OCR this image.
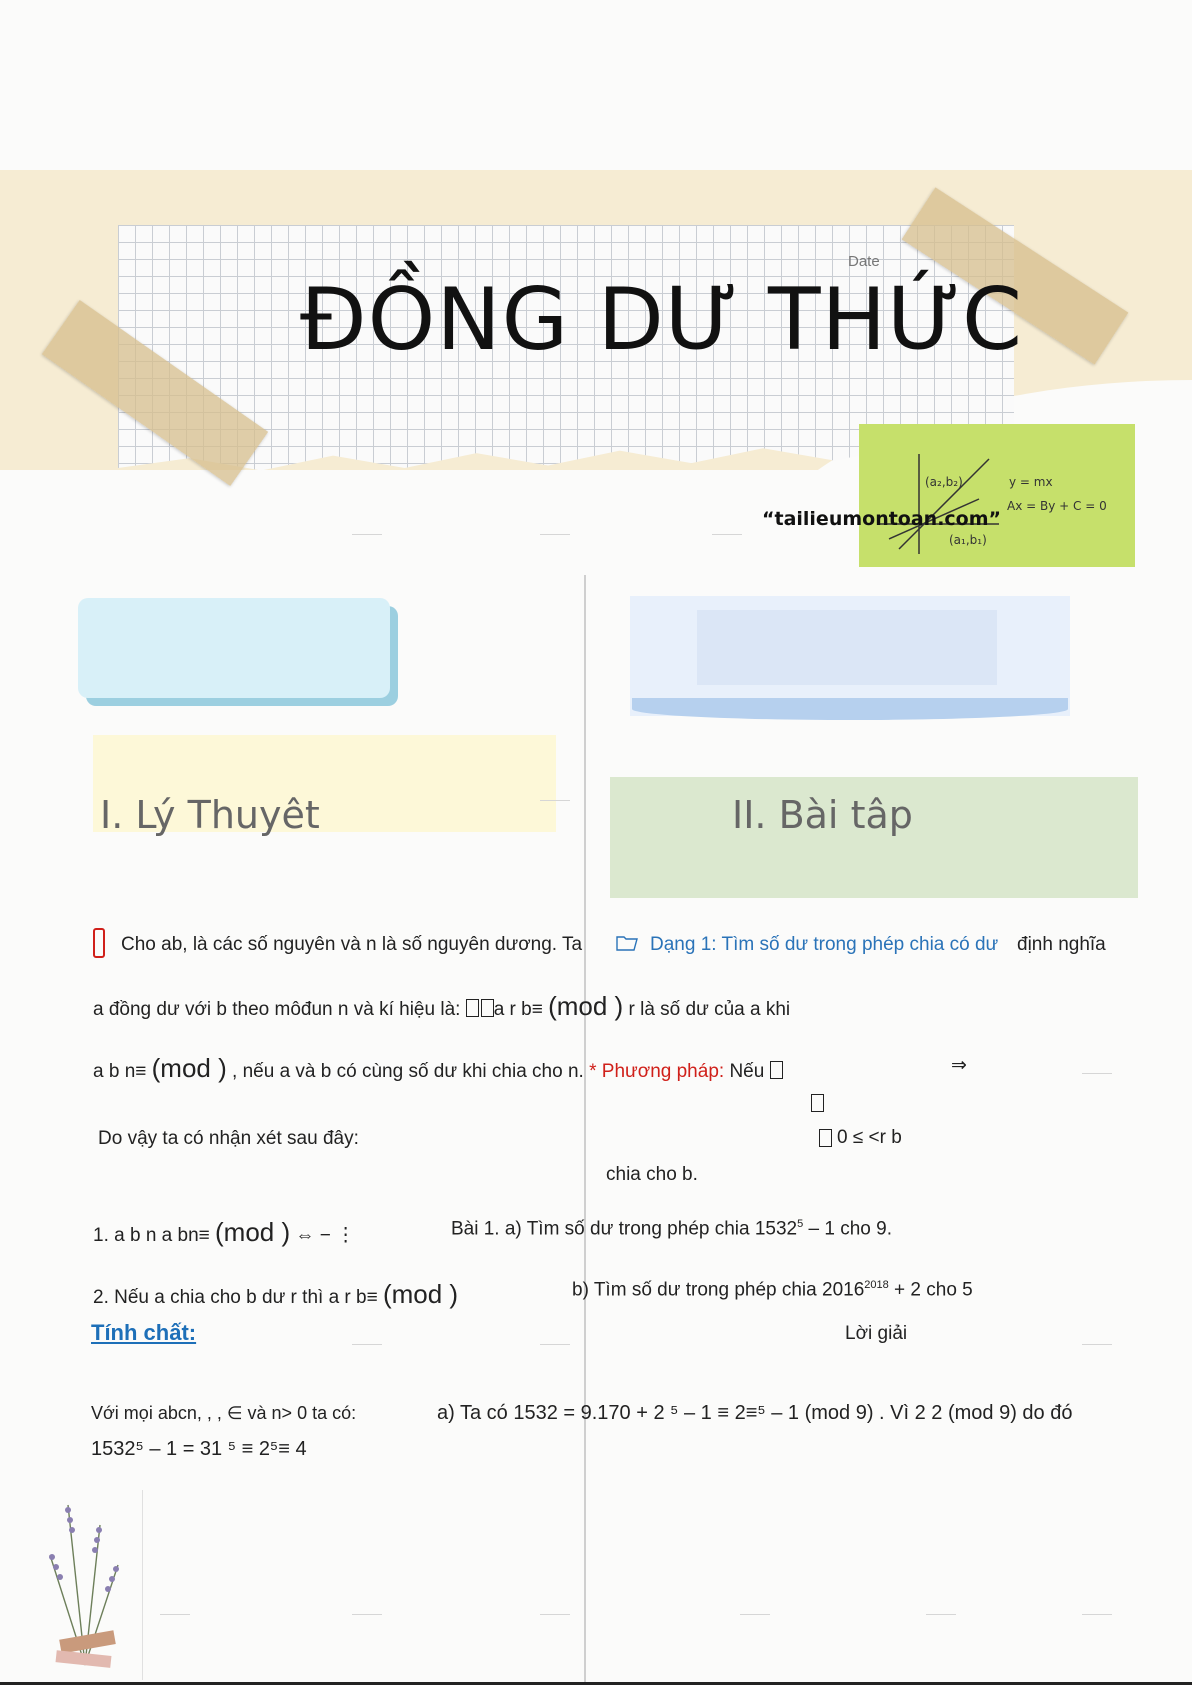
Date
ĐỒNG DƯ THỨC
(a₂,b₂)	y = mx
Ax = By + C = 0
(a₁,b₁)
“tailieumontoan.com”
I. Lý Thuyêt	II. Bài tâp
Cho ab, là các số nguyên và n là số nguyên dương. Ta	Dạng 1: Tìm số dư trong phép chia có dư định nghĩa
a đồng dư với b theo môđun n và kí hiệu là: a r b≡ (mod ) r là số dư của a khi
a b n≡ (mod ) , nếu a và b có cùng số dư khi chia cho n. * Phương pháp: Nếu	⇒
Do vậy ta có nhận xét sau đây:	0 ≤ <r b
chia cho b.
1. a b n a bn≡ (mod ) ⇔ − ⋮	Bài 1. a) Tìm số dư trong phép chia 1532$^5$ – 1 cho 9.
2. Nếu a chia cho b dư r thì a r b≡ (mod )	b) Tìm số dư trong phép chia $2016^{2018} + 2$ cho 5
Tính chất:	Lời giải
Với mọi abcn, , , ∈ và n> 0 ta có:	a) Ta có 1532 = 9.170 + 2 ⁵ – 1 ≡ 2≡⁵ – 1 (mod 9) . Vì 2 2 (mod 9) do đó
1532⁵ – 1 = 31 ⁵ ≡ 2⁵≡ 4
